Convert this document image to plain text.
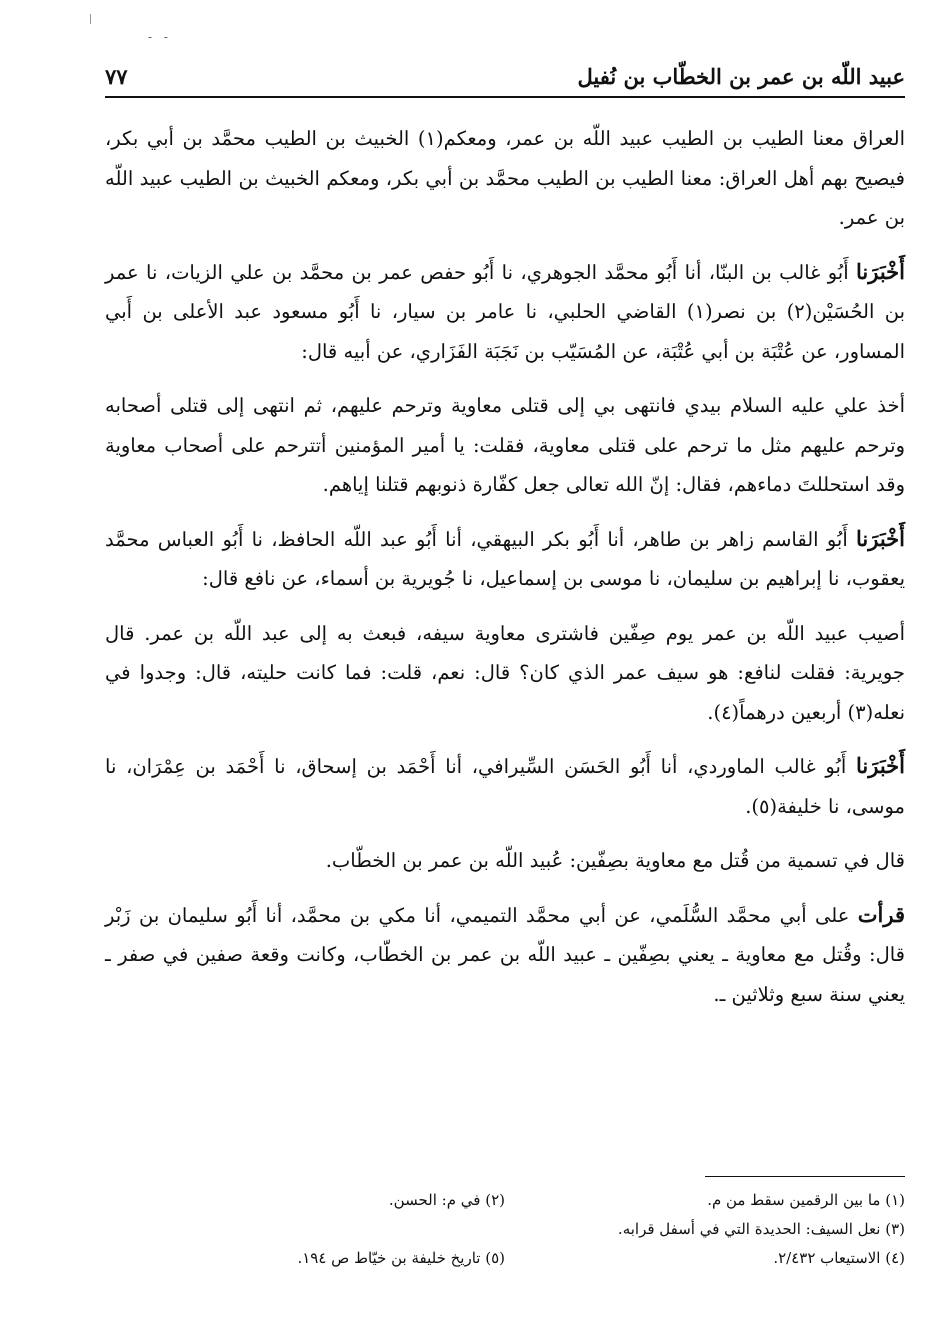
- -
عبيد اللّه بن عمر بن الخطّاب بن نُفيل
٧٧

العراق معنا الطيب بن الطيب عبيد اللّه بن عمر، ومعكم(١) الخبيث بن الطيب محمَّد بن أبي بكر، فيصيح بهم أهل العراق: معنا الطيب بن الطيب محمَّد بن أبي بكر، ومعكم الخبيث بن الطيب عبيد اللّه بن عمر.

أَخْبَرَنا أَبُو غالب بن البنّا، أنا أَبُو محمَّد الجوهري، نا أَبُو حفص عمر بن محمَّد بن علي الزيات، نا عمر بن الحُسَيْن(٢) بن نصر(١) القاضي الحلبي، نا عامر بن سيار، نا أَبُو مسعود عبد الأعلى بن أَبي المساور، عن عُتْبَة بن أبي عُتْبَة، عن المُسَيّب بن نَجَبَة الفَزَاري، عن أبيه قال:

أخذ علي عليه السلام بيدي فانتهى بي إلى قتلى معاوية وترحم عليهم، ثم انتهى إلى قتلى أصحابه وترحم عليهم مثل ما ترحم على قتلى معاوية، فقلت: يا أمير المؤمنين أتترحم على أصحاب معاوية وقد استحللتَ دماءهم، فقال: إنّ الله تعالى جعل كفّارة ذنوبهم قتلنا إياهم.

أَخْبَرَنا أَبُو القاسم زاهر بن طاهر، أنا أَبُو بكر البيهقي، أنا أَبُو عبد اللّه الحافظ، نا أَبُو العباس محمَّد يعقوب، نا إبراهيم بن سليمان، نا موسى بن إسماعيل، نا جُويرية بن أسماء، عن نافع قال:

أصيب عبيد اللّه بن عمر يوم صِفّين فاشترى معاوية سيفه، فبعث به إلى عبد اللّه بن عمر. قال جويرية: فقلت لنافع: هو سيف عمر الذي كان؟ قال: نعم، قلت: فما كانت حليته، قال: وجدوا في نعله(٣) أربعين درهماً(٤).

أَخْبَرَنا أَبُو غالب الماوردي، أنا أَبُو الحَسَن السِّيرافي، أنا أَحْمَد بن إسحاق، نا أَحْمَد بن عِمْرَان، نا موسى، نا خليفة(٥).

قال في تسمية من قُتل مع معاوية بصِفّين: عُبيد اللّه بن عمر بن الخطّاب.

قرأت على أبي محمَّد السُّلَمي، عن أبي محمَّد التميمي، أنا مكي بن محمَّد، أنا أَبُو سليمان بن زَبْر قال: وقُتل مع معاوية ـ يعني بصِفّين ـ عبيد اللّه بن عمر بن الخطّاب، وكانت وقعة صفين في صفر ـ يعني سنة سبع وثلاثين ـ.

(١) ما بين الرقمين سقط من م.
(٢) في م: الحسن.
(٣) نعل السيف: الحديدة التي في أسفل قرابه.
(٤) الاستيعاب ٢/٤٣٢.
(٥) تاريخ خليفة بن خيّاط ص ١٩٤.
